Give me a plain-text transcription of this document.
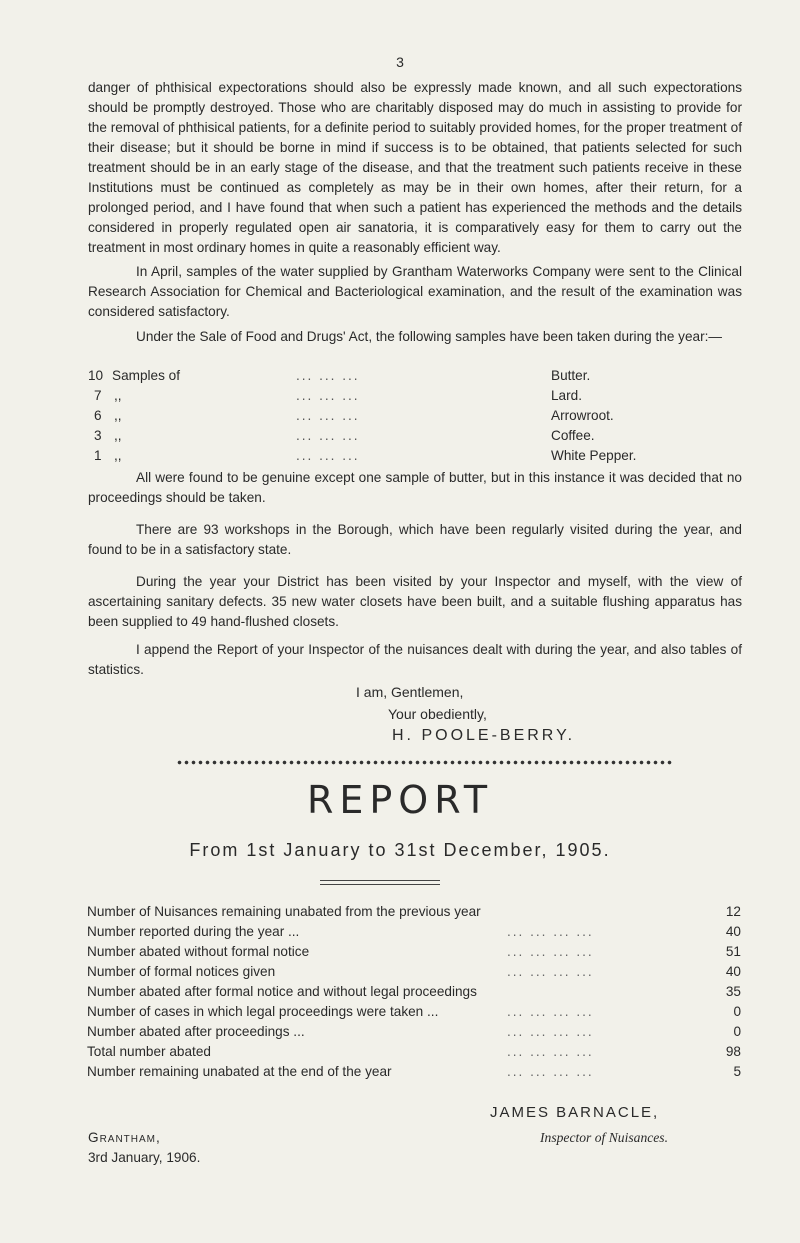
3

danger of phthisical expectorations should also be expressly made known, and all such expectorations should be promptly destroyed. Those who are charitably disposed may do much in assisting to provide for the removal of phthisical patients, for a definite period to suitably provided homes, for the proper treatment of their disease; but it should be borne in mind if success is to be obtained, that patients selected for such treatment should be in an early stage of the disease, and that the treatment such patients receive in these Institutions must be continued as completely as may be in their own homes, after their return, for a prolonged period, and I have found that when such a patient has experienced the methods and the details considered in properly regulated open air sanatoria, it is comparatively easy for them to carry out the treatment in most ordinary homes in quite a reasonably efficient way.

In April, samples of the water supplied by Grantham Waterworks Company were sent to the Clinical Research Association for Chemical and Bacteriological examination, and the result of the examination was considered satisfactory.

Under the Sale of Food and Drugs' Act, the following samples have been taken during the year:—

10 Samples of	... ... ...	Butter.
7 ,,	... ... ...	Lard.
6 ,,	... ... ...	Arrowroot.
3 ,,	... ... ...	Coffee.
1 ,,	... ... ...	White Pepper.

All were found to be genuine except one sample of butter, but in this instance it was decided that no proceedings should be taken.

There are 93 workshops in the Borough, which have been regularly visited during the year, and found to be in a satisfactory state.

During the year your District has been visited by your Inspector and myself, with the view of ascertaining sanitary defects. 35 new water closets have been built, and a suitable flushing apparatus has been supplied to 49 hand-flushed closets.

I append the Report of your Inspector of the nuisances dealt with during the year, and also tables of statistics.

I am, Gentlemen,
Your obediently,
H. POOLE-BERRY.
REPORT
From 1st January to 31st December, 1905.
Number of Nuisances remaining unabated from the previous year	12
Number reported during the year ...	... ... ... ...	40
Number abated without formal notice	... ... ... ...	51
Number of formal notices given	... ... ... ...	40
Number abated after formal notice and without legal proceedings	35
Number of cases in which legal proceedings were taken ...	... ... ... ...	0
Number abated after proceedings ...	... ... ... ...	0
Total number abated	... ... ... ...	98
Number remaining unabated at the end of the year	... ... ... ...	5
JAMES BARNACLE,
Inspector of Nuisances.
Grantham,
3rd January, 1906.
